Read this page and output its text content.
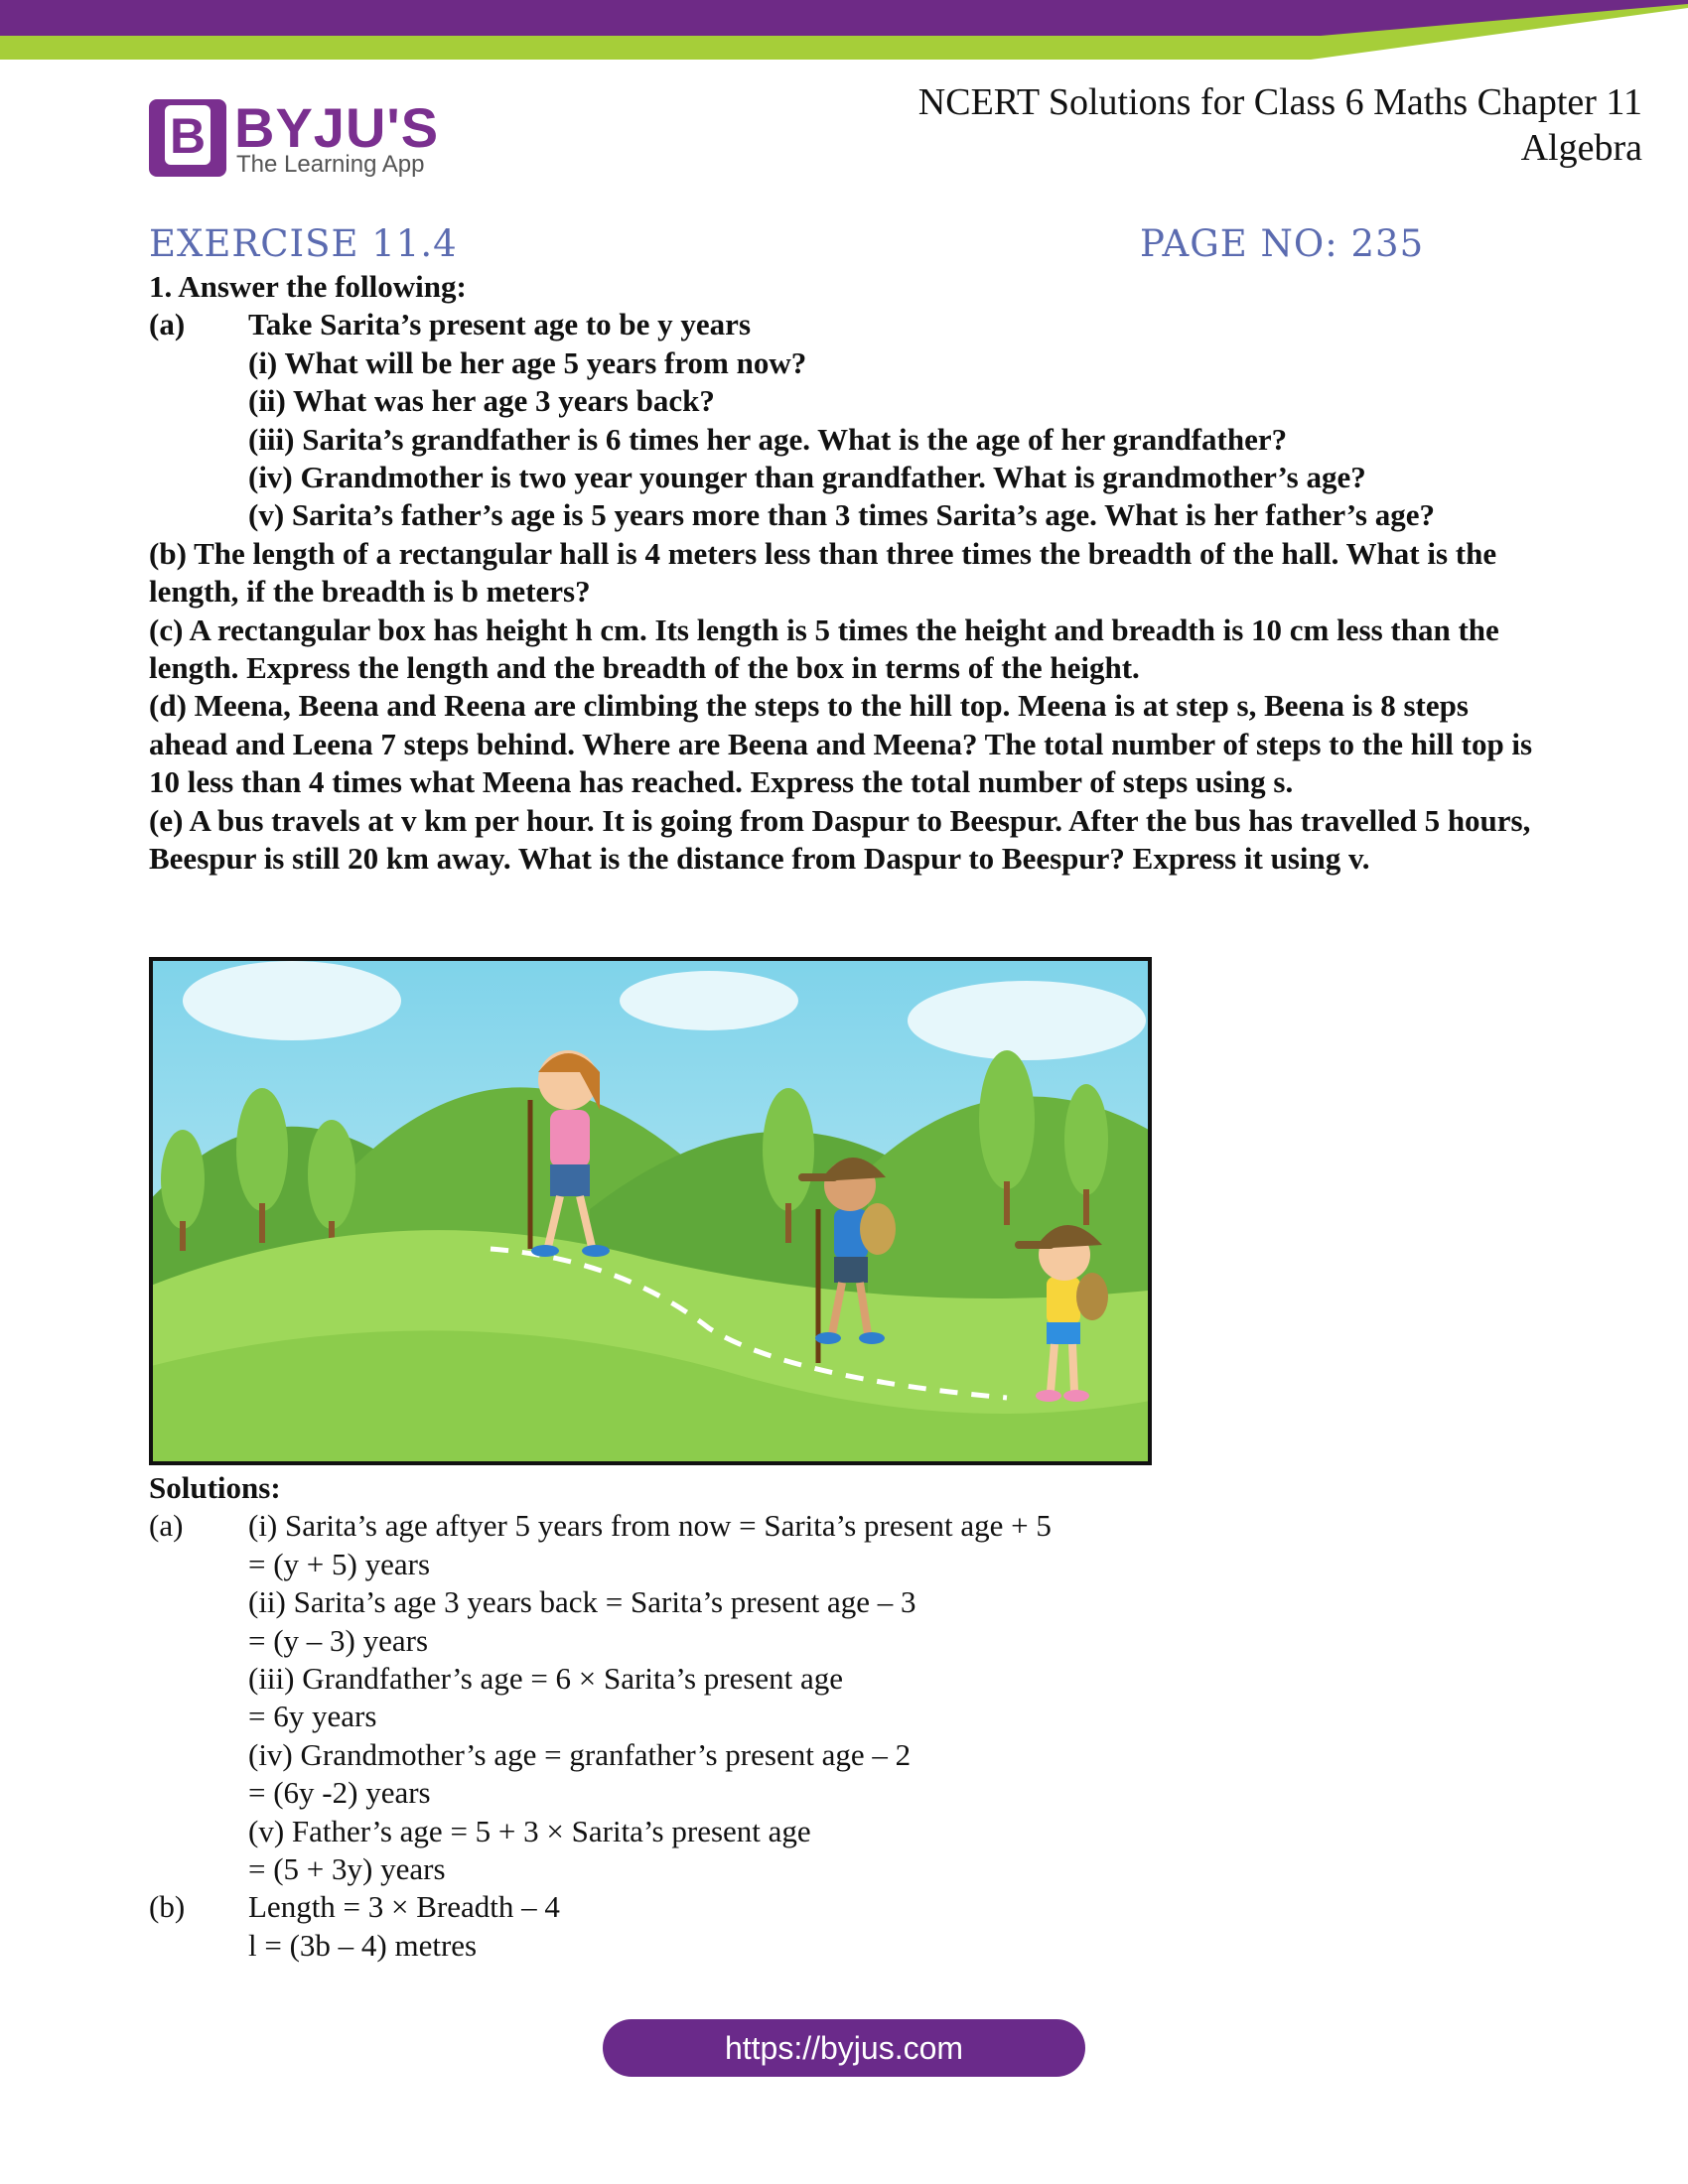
B BYJU'S
The Learning App
NCERT Solutions for Class 6 Maths Chapter 11
Algebra
EXERCISE 11.4	PAGE NO: 235
1. Answer the following:
(a) Take Sarita’s present age to be y years
(i) What will be her age 5 years from now?
(ii) What was her age 3 years back?
(iii) Sarita’s grandfather is 6 times her age. What is the age of her grandfather?
(iv) Grandmother is two year younger than grandfather. What is grandmother’s age?
(v) Sarita’s father’s age is 5 years more than 3 times Sarita’s age. What is her father’s age?
(b) The length of a rectangular hall is 4 meters less than three times the breadth of the hall. What is the length, if the breadth is b meters?
(c) A rectangular box has height h cm. Its length is 5 times the height and breadth is 10 cm less than the length. Express the length and the breadth of the box in terms of the height.
(d) Meena, Beena and Reena are climbing the steps to the hill top. Meena is at step s, Beena is 8 steps ahead and Leena 7 steps behind. Where are Beena and Meena? The total number of steps to the hill top is 10 less than 4 times what Meena has reached. Express the total number of steps using s.
(e) A bus travels at v km per hour. It is going from Daspur to Beespur. After the bus has travelled 5 hours, Beespur is still 20 km away. What is the distance from Daspur to Beespur? Express it using v.
Solutions:
(a) (i) Sarita’s age aftyer 5 years from now = Sarita’s present age + 5
= (y + 5) years
(ii) Sarita’s age 3 years back = Sarita’s present age – 3
= (y – 3) years
(iii) Grandfather’s age = 6 × Sarita’s present age
= 6y years
(iv) Grandmother’s age = granfather’s present age – 2
= (6y -2) years
(v) Father’s age = 5 + 3 × Sarita’s present age
= (5 + 3y) years
(b) Length = 3 × Breadth – 4
l = (3b – 4) metres
https://byjus.com
